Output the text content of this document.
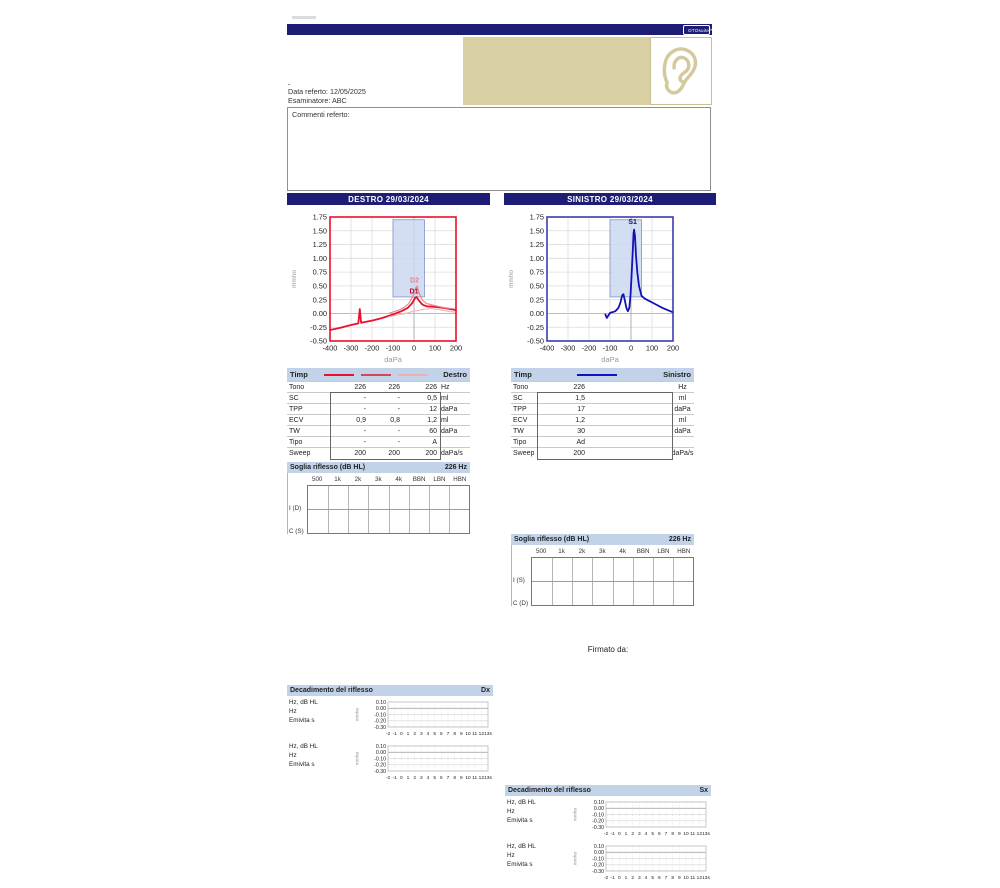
OTOsuite™
.
Data referto: 12/05/2025
Esaminatore: ABC
Commenti referto:
DESTRO 29/03/2024	SINISTRO 29/03/2024
-0.50
-0.25
0.00
0.25
0.50
0.75
1.00
1.25
1.50
1.75
-400 -300 -200 -100 0 100 200
D2
D1
daPa
mmho
-0.50
-0.25
0.00
0.25
0.50
0.75
1.00
1.25
1.50
1.75
-400 -300 -200 -100 0 100 200
S1
daPa
mmho
Timp	Destro
Tono	226	226	226 Hz
SC	-	-	0,5 ml
TPP	-	-	12 daPa
ECV	0,9	0,8	1,2 ml
TW	-	-	60 daPa
Tipo	-	-	A
Sweep	200	200	200 daPa/s
Timp	Sinistro
Tono	226	Hz
SC	1,5	ml
TPP	17	daPa
ECV	1,2	ml
TW	30	daPa
Tipo	Ad
Sweep	200	daPa/s
Soglia riflesso (dB HL)	226 Hz
500	1k	2k	3k	4k	BBN	LBN	HBN
I (D)
C (S)
Soglia riflesso (dB HL)	226 Hz
500	1k	2k	3k	4k	BBN	LBN	HBN
I (S)
C (D)
Decadimento del riflesso	Dx
Hz, dB HL
Hz
Emivita s
0.10
0.00
-0.10
-0.20
-0.30
-2 -1 0 1 2 3 4 5 6 7 8 9 10 11 12 13s
mmho
Hz, dB HL
Hz
Emivita s
0.10
0.00
-0.10
-0.20
-0.30
-2 -1 0 1 2 3 4 5 6 7 8 9 10 11 12 13s
mmho
Decadimento del riflesso	Sx
Hz, dB HL
Hz
Emivita s
0.10
0.00
-0.10
-0.20
-0.30
-2 -1 0 1 2 3 4 5 6 7 8 9 10 11 12 13s
mmho
Hz, dB HL
Hz
Emivita s
0.10
0.00
-0.10
-0.20
-0.30
-2 -1 0 1 2 3 4 5 6 7 8 9 10 11 12 13s
mmho
Firmato da:
